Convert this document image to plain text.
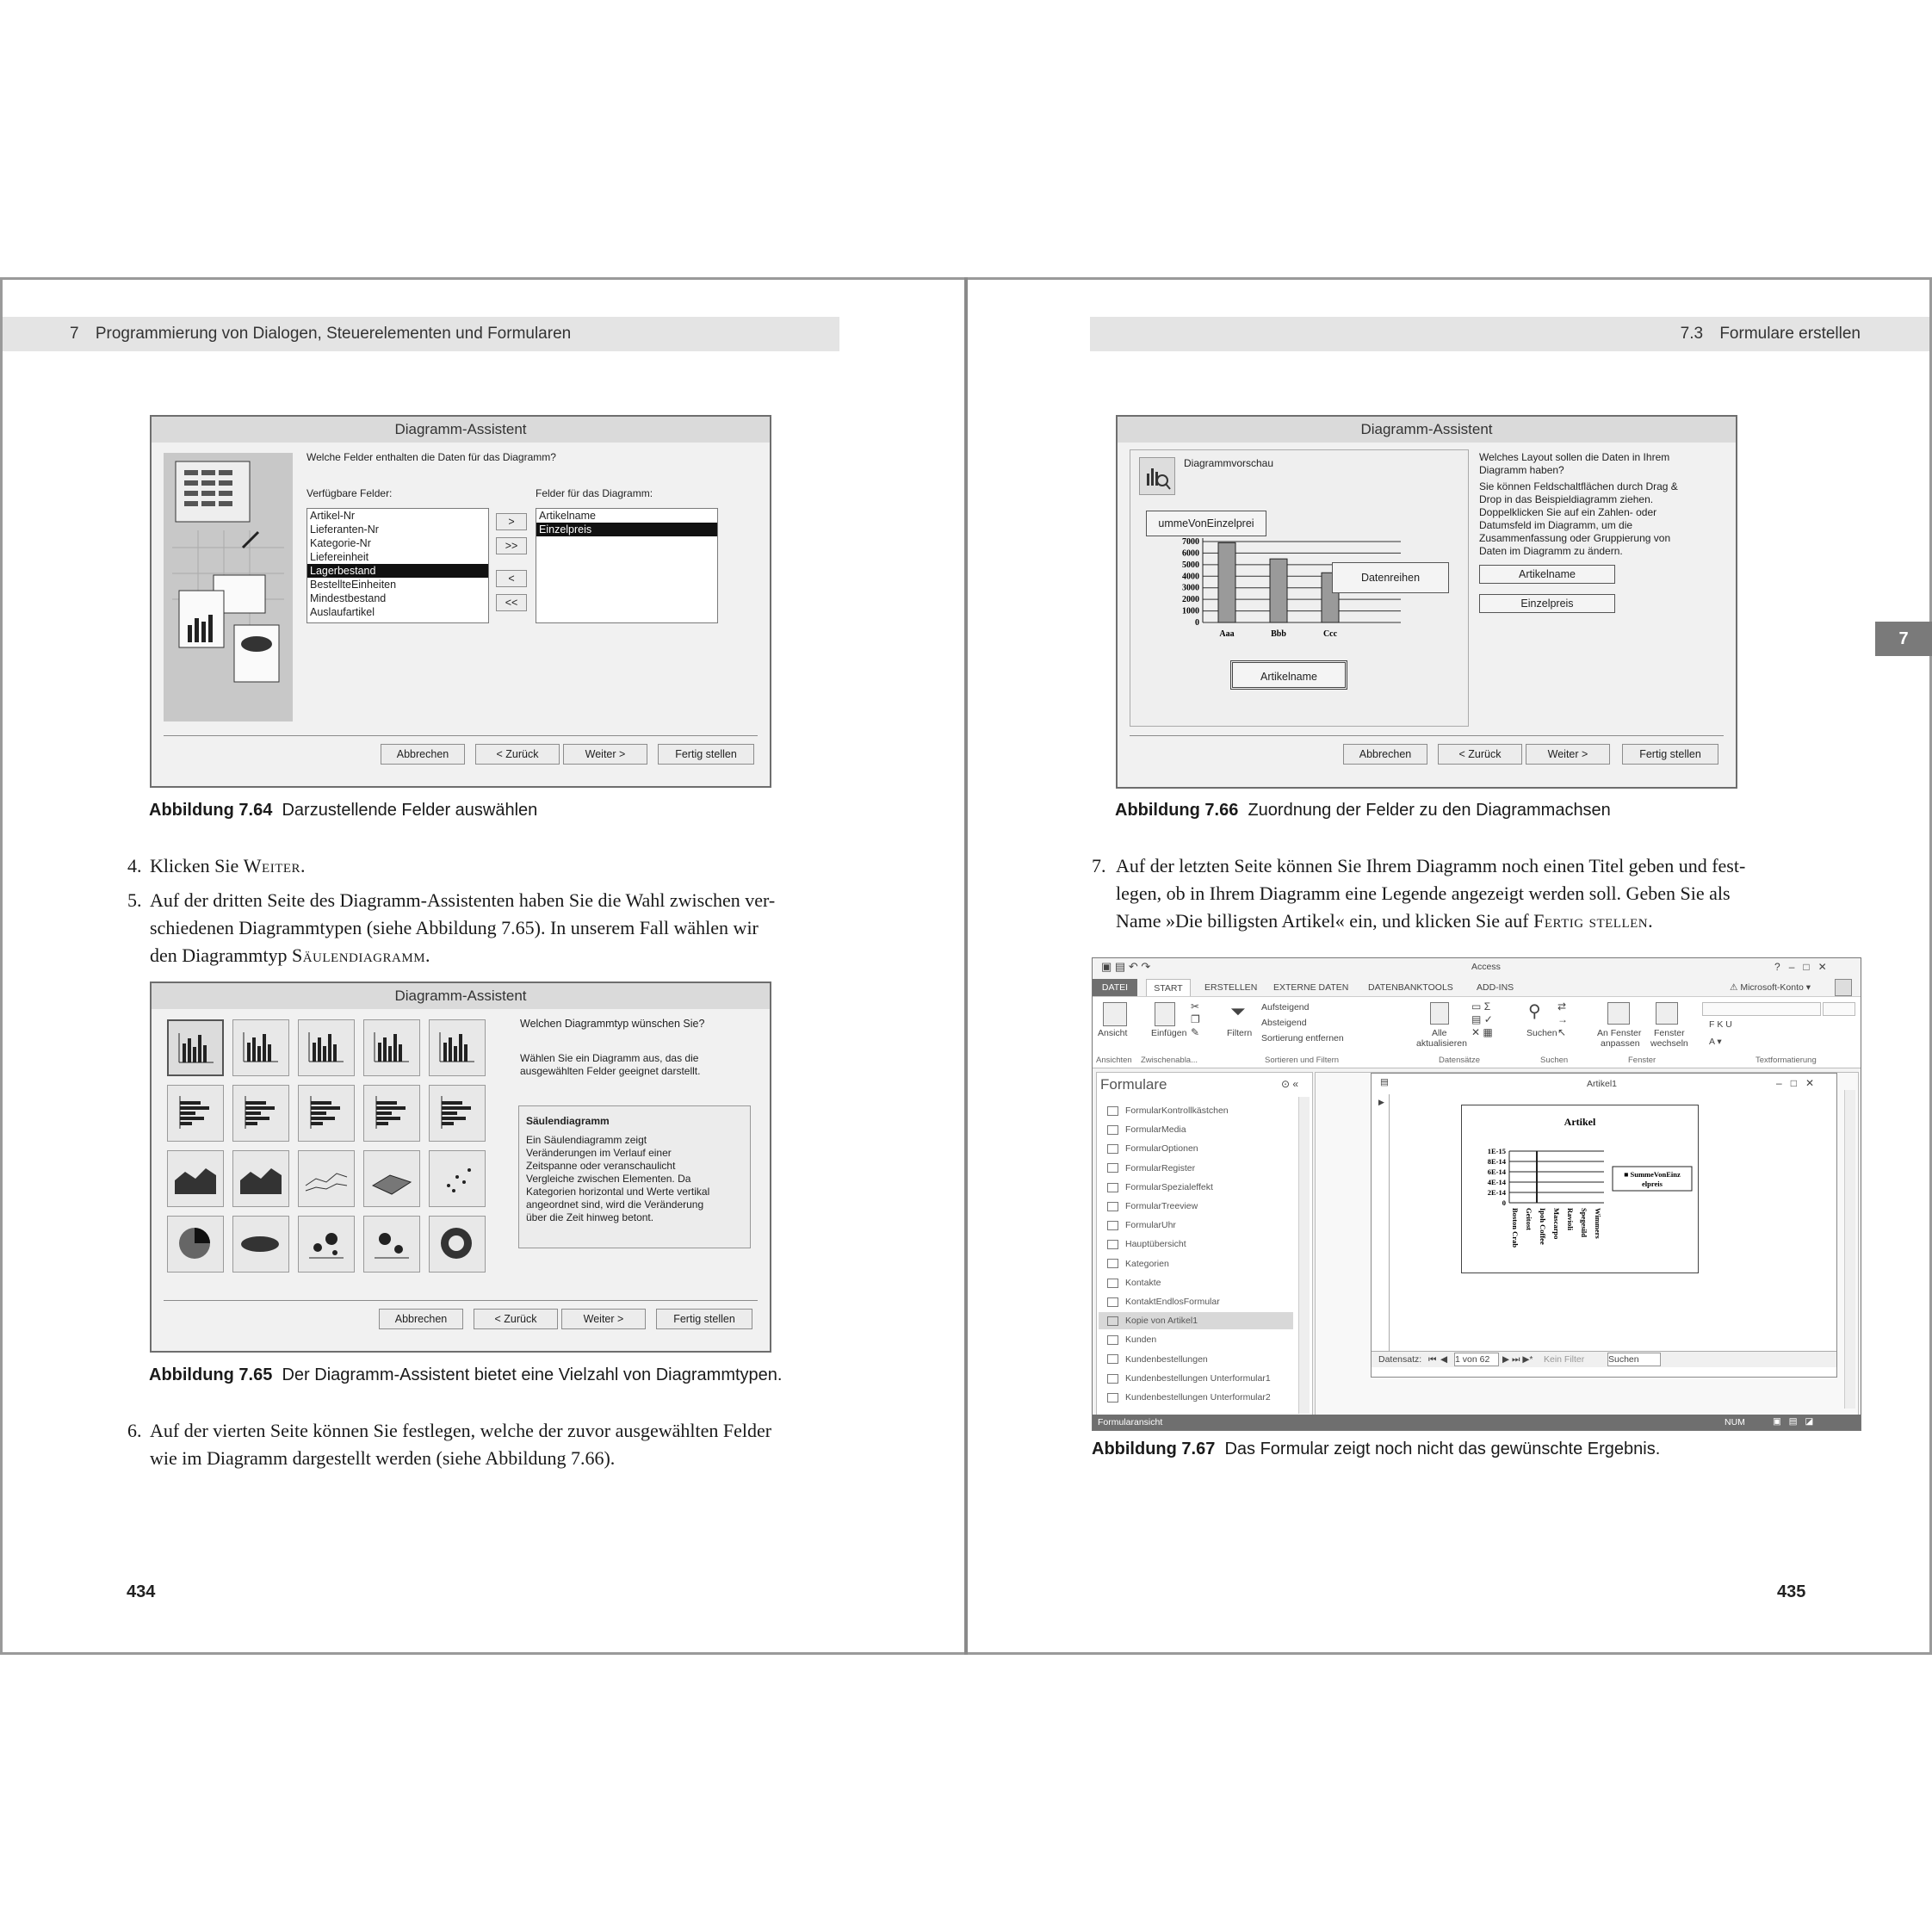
7 Programmierung von Dialogen, Steuerelementen und Formularen
Diagramm-Assistent
Welche Felder enthalten die Daten für das Diagramm?
Verfügbare Felder:	Felder für das Diagramm:
Artikel-Nr
Lieferanten-Nr
Kategorie-Nr
Liefereinheit
Lagerbestand
BestellteEinheiten
Mindestbestand
Auslaufartikel
>
>>
<
<<
Artikelname
Einzelpreis
Abbrechen	< Zurück	Weiter >	Fertig stellen
Abbildung 7.64 Darzustellende Felder auswählen
4. Klicken Sie Weiter.
5. Auf der dritten Seite des Diagramm-Assistenten haben Sie die Wahl zwischen ver-
schiedenen Diagrammtypen (siehe Abbildung 7.65). In unserem Fall wählen wir
den Diagrammtyp Säulendiagramm.
Diagramm-Assistent
Welchen Diagrammtyp wünschen Sie?
Wählen Sie ein Diagramm aus, das die
ausgewählten Felder geeignet darstellt.
Säulendiagramm
Ein Säulendiagramm zeigt
Veränderungen im Verlauf einer
Zeitspanne oder veranschaulicht
Vergleiche zwischen Elementen. Da
Kategorien horizontal und Werte vertikal
angeordnet sind, wird die Veränderung
über die Zeit hinweg betont.
Abbrechen	< Zurück	Weiter >	Fertig stellen
Abbildung 7.65 Der Diagramm-Assistent bietet eine Vielzahl von Diagrammtypen.
6. Auf der vierten Seite können Sie festlegen, welche der zuvor ausgewählten Felder
wie im Diagramm dargestellt werden (siehe Abbildung 7.66).
434
7.3 Formulare erstellen
7
Diagramm-Assistent
Diagrammvorschau
ummeVonEinzelprei
7000
6000
5000
4000
3000
2000
1000
0
Aaa	Bbb	Ccc
Datenreihen
Artikelname
Welches Layout sollen die Daten in Ihrem
Diagramm haben?
Sie können Feldschaltflächen durch Drag &
Drop in das Beispieldiagramm ziehen.
Doppelklicken Sie auf ein Zahlen- oder
Datumsfeld im Diagramm, um die
Zusammenfassung oder Gruppierung von
Daten im Diagramm zu ändern.
Artikelname
Einzelpreis
Abbrechen	< Zurück	Weiter >	Fertig stellen
Abbildung 7.66 Zuordnung der Felder zu den Diagrammachsen
7. Auf der letzten Seite können Sie Ihrem Diagramm noch einen Titel geben und fest-
legen, ob in Ihrem Diagramm eine Legende angezeigt werden soll. Geben Sie als
Name »Die billigsten Artikel« ein, und klicken Sie auf Fertig stellen.
Access
▣ ▤ ↶ ↷	? – □ ✕
DATEI	START	ERSTELLEN EXTERNE DATEN DATENBANKTOOLS	ADD-INS	⚠ Microsoft-Konto ▾
Ansicht	Einfügen
✂
❐
✎
⏷
Filtern
Aufsteigend
Absteigend
Sortierung entfernen	Alle
aktualisieren
▭ Σ
▤ ✓
✕ ▦
⚲
Suchen
⇄
→
↖	An Fenster
anpassen
Fenster
wechseln
F K U
A ▾
Ansichten Zwischenabla...	Sortieren und Filtern	Datensätze	Suchen	Fenster	Textformatierung
Formulare	⊙ «
FormularKontrollkästchen
FormularMedia
FormularOptionen
FormularRegister
FormularSpezialeffekt
FormularTreeview
FormularUhr
Hauptübersicht
Kategorien
Kontakte
KontaktEndlosFormular
Kopie von Artikel1
Kunden
Kundenbestellungen
Kundenbestellungen Unterformular1
Kundenbestellungen Unterformular2
▤	Artikel1	– □ ✕
▶
Artikel
0
2E-14
4E-14
6E-14
8E-14
1E-15
Boston Crab Geitost Ipoh Coffee Mascarpo Ravioli Spegesild Wimmers
■ SummeVonEinz
elpreis
Datensatz: ⏮ ◀ 1 von 62	▶ ⏭ ▶* Kein Filter	Suchen
Formularansicht	NUM	▣   ▤   ◪
Abbildung 7.67 Das Formular zeigt noch nicht das gewünschte Ergebnis.
435
